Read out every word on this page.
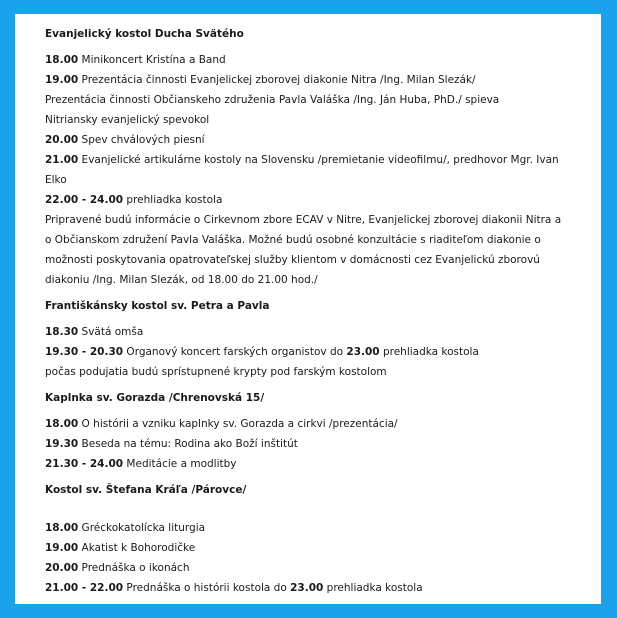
Evanjelický kostol Ducha Svätého
18.00 Minikoncert Kristína a Band
19.00 Prezentácia činnosti Evanjelickej zborovej diakonie Nitra /Ing. Milan Slezák/
Prezentácia činnosti Občianskeho združenia Pavla Valáška /Ing. Ján Huba, PhD./ spieva
Nitriansky evanjelický spevokol
20.00 Spev chválových piesní
21.00 Evanjelické artikulárne kostoly na Slovensku /premietanie videofilmu/, predhovor Mgr. Ivan
Elko
22.00 - 24.00 prehliadka kostola
Pripravené budú informácie o Cirkevnom zbore ECAV v Nitre, Evanjelickej zborovej diakonii Nitra a
o Občianskom združení Pavla Valáška. Možné budú osobné konzultácie s riaditeľom diakonie o
možnosti poskytovania opatrovateľskej služby klientom v domácnosti cez Evanjelickú zborovú
diakoniu /Ing. Milan Slezák, od 18.00 do 21.00 hod./
Františkánsky kostol sv. Petra a Pavla
18.30 Svätá omša
19.30 - 20.30 Organový koncert farských organistov do 23.00 prehliadka kostola
počas podujatia budú sprístupnené krypty pod farským kostolom
Kaplnka sv. Gorazda /Chrenovská 15/
18.00 O histórii a vzniku kaplnky sv. Gorazda a cirkvi /prezentácia/
19.30 Beseda na tému: Rodina ako Boží inštitút
21.30 - 24.00 Meditácie a modlitby
Kostol sv. Štefana Kráľa /Párovce/
18.00 Gréckokatolícka liturgia
19.00 Akatist k Bohorodičke
20.00 Prednáška o ikonách
21.00 - 22.00 Prednáška o histórii kostola do 23.00 prehliadka kostola
